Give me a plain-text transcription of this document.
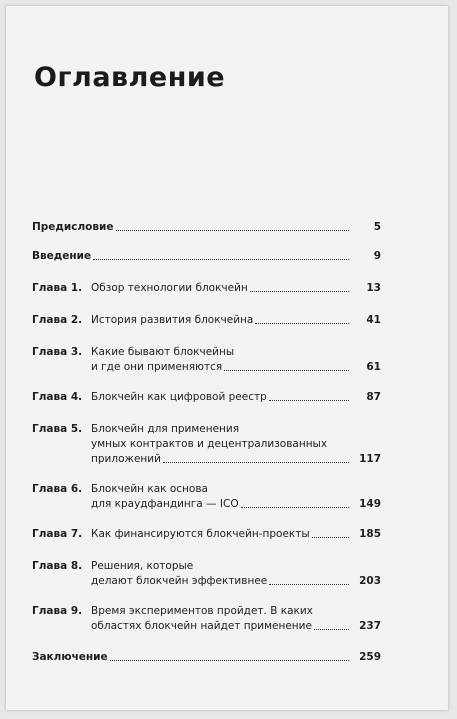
Оглавление
Предисловие	5
Введение	9
Глава 1. Обзор технологии блокчейн	13
Глава 2. История развития блокчейна	41
Глава 3. Какие бывают блокчейны
и где они применяются	61
Глава 4. Блокчейн как цифровой реестр	87
Глава 5. Блокчейн для применения
умных контрактов и децентрализованных
приложений	117
Глава 6. Блокчейн как основа
для краудфандинга — ICO	149
Глава 7. Как финансируются блокчейн-проекты	185
Глава 8. Решения, которые
делают блокчейн эффективнее	203
Глава 9. Время экспериментов пройдет. В каких
областях блокчейн найдет применение	237
Заключение	259
